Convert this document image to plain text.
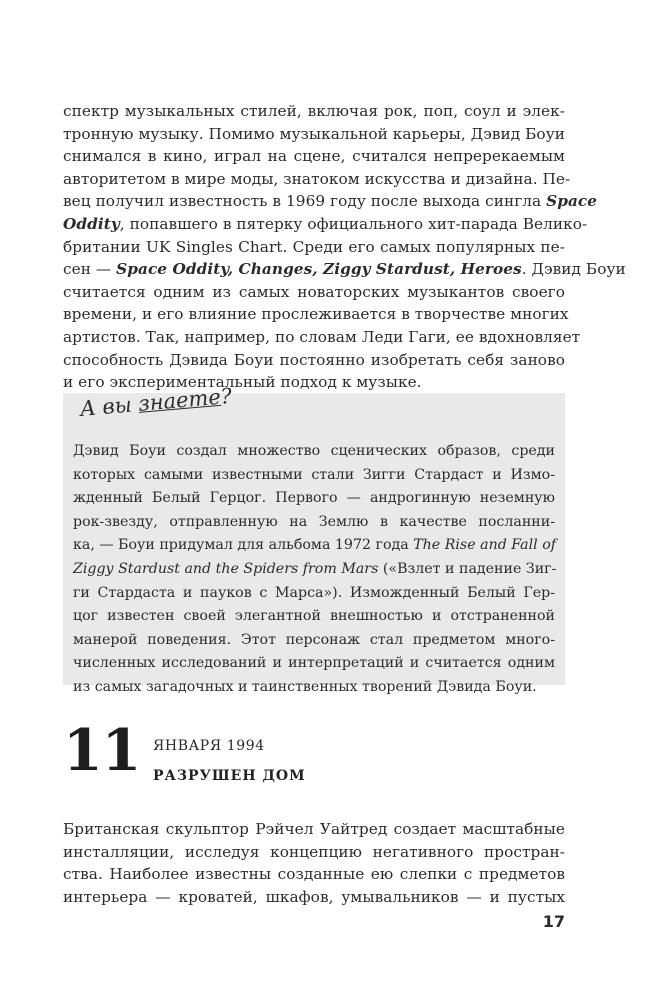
спектр музыкальных стилей, включая рок, поп, соул и элек-
тронную музыку. Помимо музыкальной карьеры, Дэвид Боуи
снимался в кино, играл на сцене, считался непререкаемым
авторитетом в мире моды, знатоком искусства и дизайна. Пе-
вец получил известность в 1969 году после выхода сингла Space
Oddity, попавшего в пятерку официального хит-парада Велико-
британии UK Singles Chart. Среди его самых популярных пе-
сен — Space Oddity, Changes, Ziggy Stardust, Heroes. Дэвид Боуи
считается одним из самых новаторских музыкантов своего
времени, и его влияние прослеживается в творчестве многих
артистов. Так, например, по словам Леди Гаги, ее вдохновляет
способность Дэвида Боуи постоянно изобретать себя заново
и его экспериментальный подход к музыке.
А вы знаете?
Дэвид Боуи создал множество сценических образов, среди
которых самыми известными стали Зигги Стардаст и Измо-
жденный Белый Герцог. Первого — андрогинную неземную
рок-звезду, отправленную на Землю в качестве посланни-
ка, — Боуи придумал для альбома 1972 года The Rise and Fall of
Ziggy Stardust and the Spiders from Mars («Взлет и падение Зиг-
ги Стардаста и пауков с Марса»). Изможденный Белый Гер-
цог известен своей элегантной внешностью и отстраненной
манерой поведения. Этот персонаж стал предметом много-
численных исследований и интерпретаций и считается одним
из самых загадочных и таинственных творений Дэвида Боуи.
11 ЯНВАРЯ 1994
РАЗРУШЕН ДОМ
Британская скульптор Рэйчел Уайтред создает масштабные
инсталляции, исследуя концепцию негативного простран-
ства. Наиболее известны созданные ею слепки с предметов
интерьера — кроватей, шкафов, умывальников — и пустых
17
